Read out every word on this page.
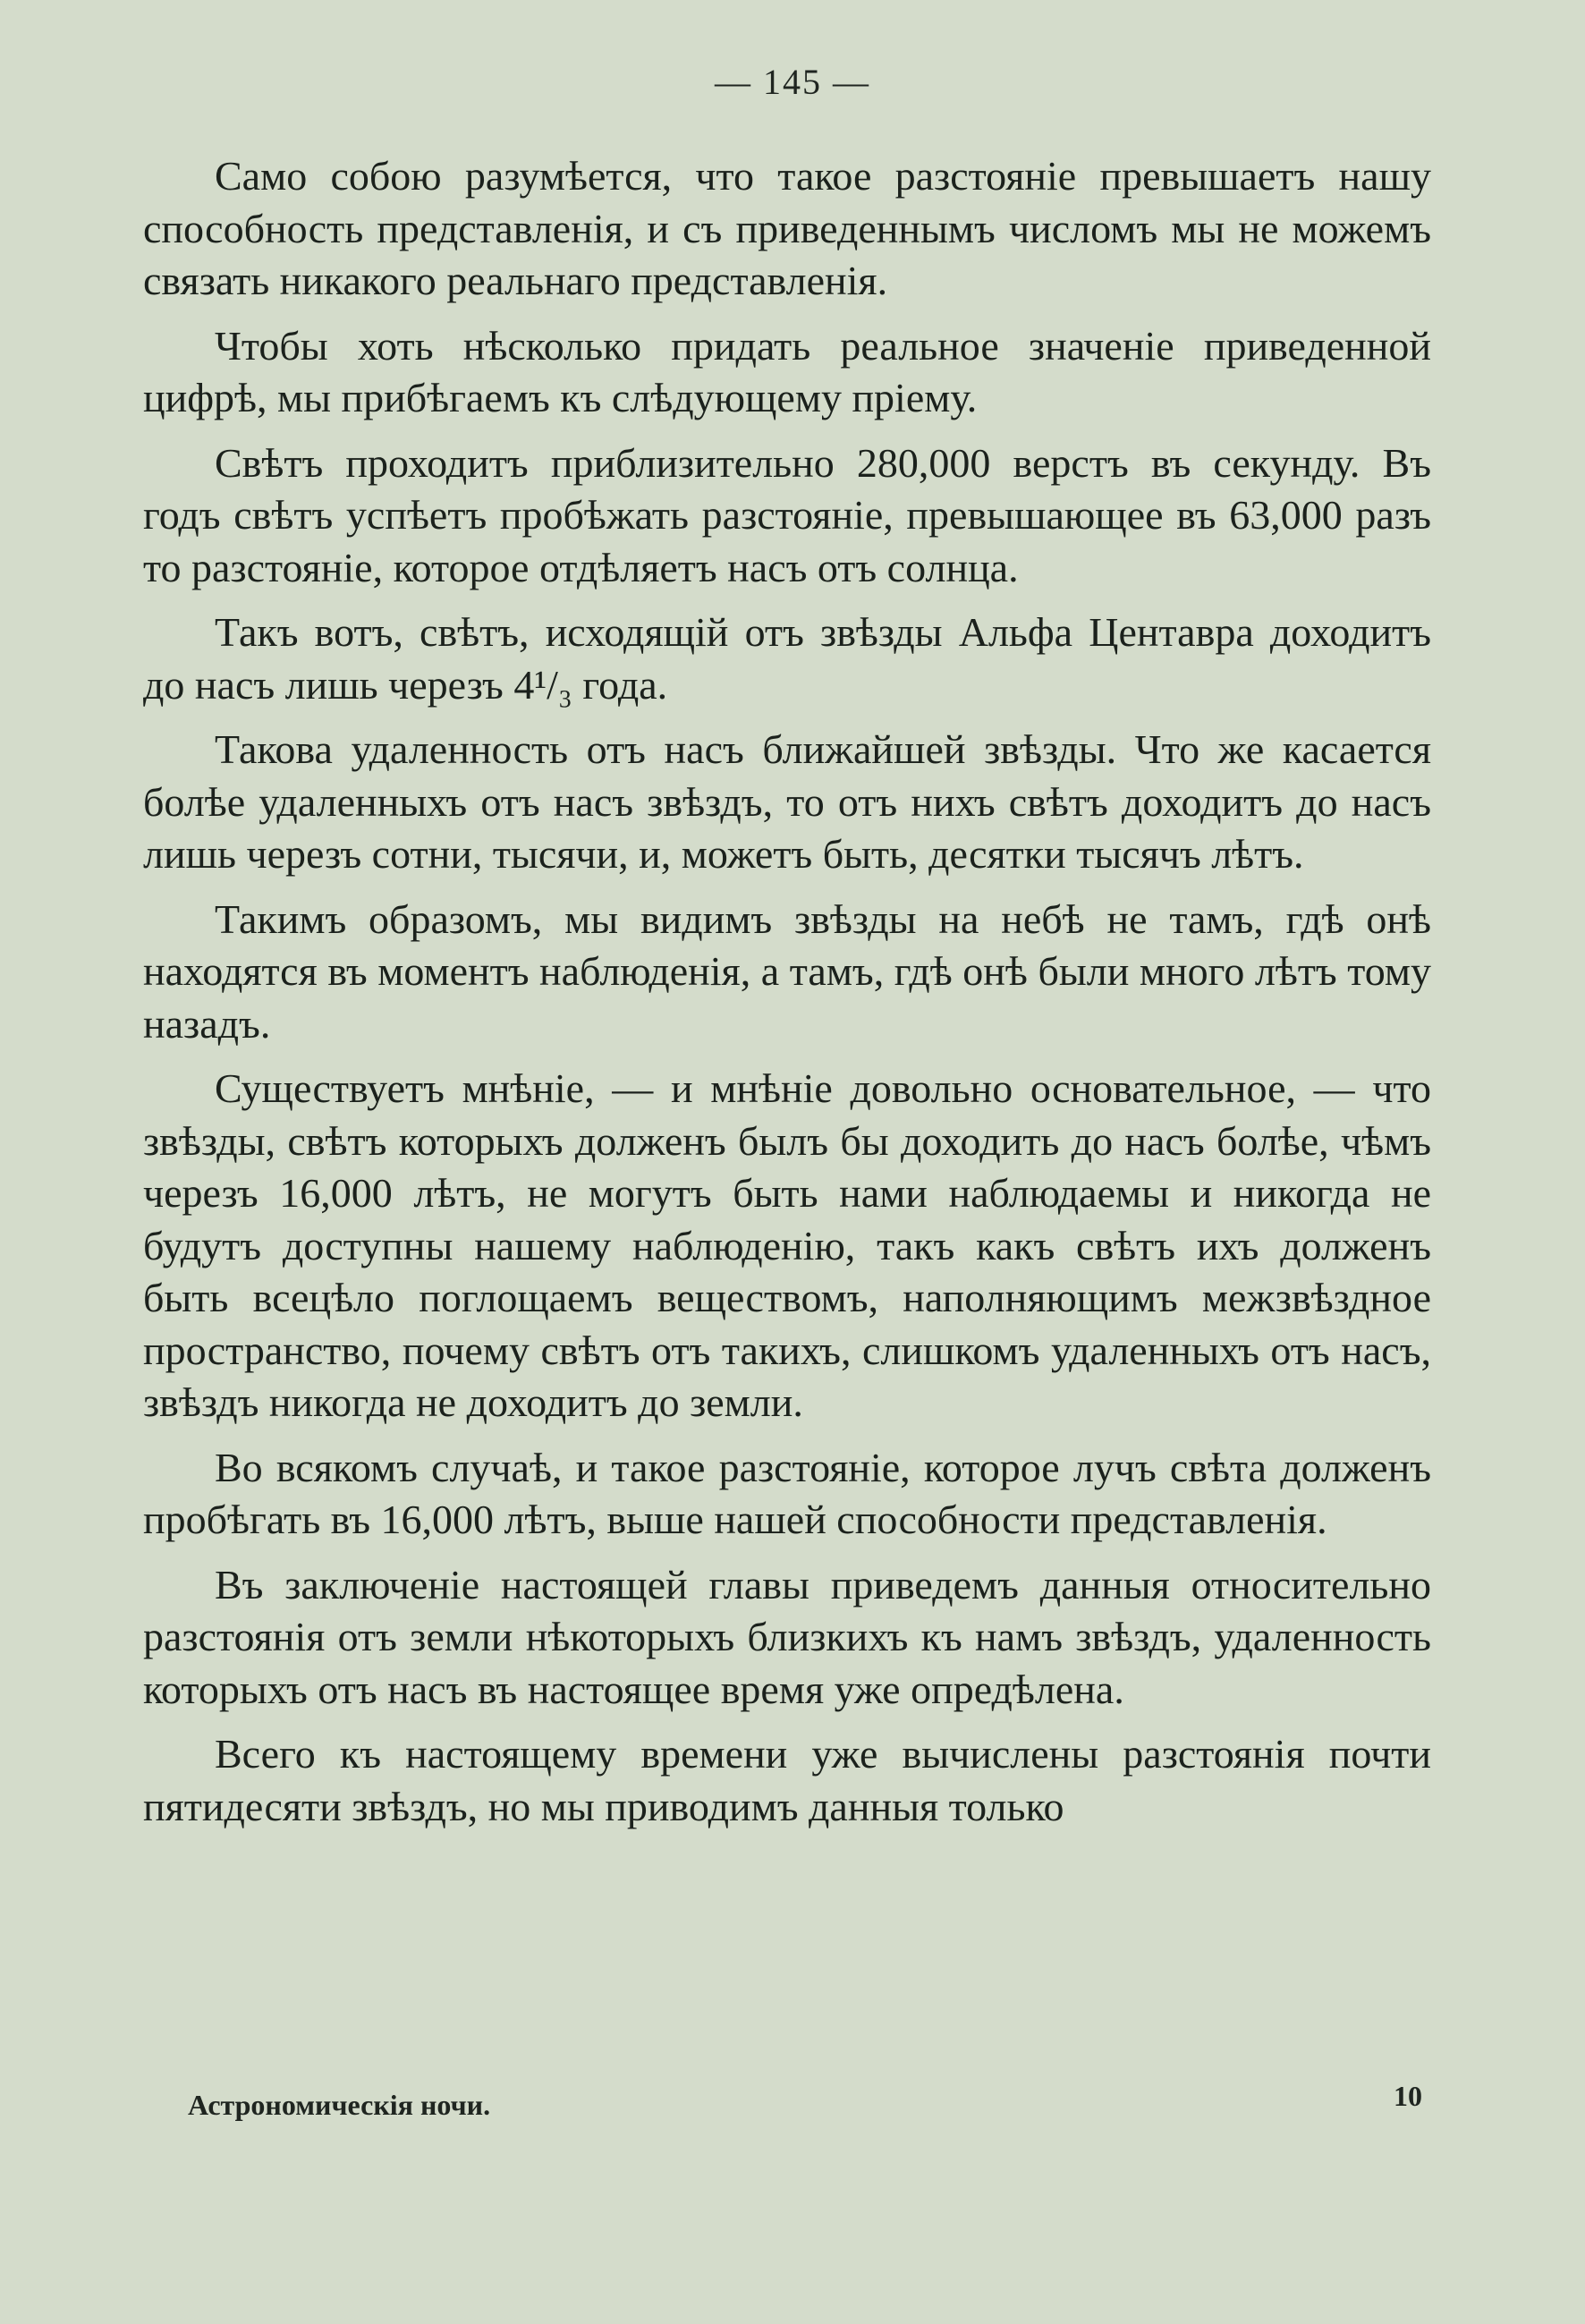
— 145 —

Само собою разумѣется, что такое разстояніе превышаетъ нашу способность представленія, и съ приведеннымъ числомъ мы не можемъ связать никакого реальнаго представленія.

Чтобы хоть нѣсколько придать реальное значеніе приведенной цифрѣ, мы прибѣгаемъ къ слѣдующему пріему.

Свѣтъ проходитъ приблизительно 280,000 верстъ въ секунду. Въ годъ свѣтъ успѣетъ пробѣжать разстояніе, превышающее въ 63,000 разъ то разстояніе, которое отдѣляетъ насъ отъ солнца.

Такъ вотъ, свѣтъ, исходящій отъ звѣзды Альфа Центавра доходитъ до насъ лишь черезъ 4¹/₃ года.

Такова удаленность отъ насъ ближайшей звѣзды. Что же касается болѣе удаленныхъ отъ насъ звѣздъ, то отъ нихъ свѣтъ доходитъ до насъ лишь черезъ сотни, тысячи, и, можетъ быть, десятки тысячъ лѣтъ.

Такимъ образомъ, мы видимъ звѣзды на небѣ не тамъ, гдѣ онѣ находятся въ моментъ наблюденія, а тамъ, гдѣ онѣ были много лѣтъ тому назадъ.

Существуетъ мнѣніе, — и мнѣніе довольно основательное, — что звѣзды, свѣтъ которыхъ долженъ былъ бы доходить до насъ болѣе, чѣмъ черезъ 16,000 лѣтъ, не могутъ быть нами наблюдаемы и никогда не будутъ доступны нашему наблюденію, такъ какъ свѣтъ ихъ долженъ быть всецѣло поглощаемъ веществомъ, наполняющимъ межзвѣздное пространство, почему свѣтъ отъ такихъ, слишкомъ удаленныхъ отъ насъ, звѣздъ никогда не доходитъ до земли.

Во всякомъ случаѣ, и такое разстояніе, которое лучъ свѣта долженъ пробѣгать въ 16,000 лѣтъ, выше нашей способности представленія.

Въ заключеніе настоящей главы приведемъ данныя относительно разстоянія отъ земли нѣкоторыхъ близкихъ къ намъ звѣздъ, удаленность которыхъ отъ насъ въ настоящее время уже опредѣлена.

Всего къ настоящему времени уже вычислены разстоянія почти пятидесяти звѣздъ, но мы приводимъ данныя только

Астрономическія ночи.	10
